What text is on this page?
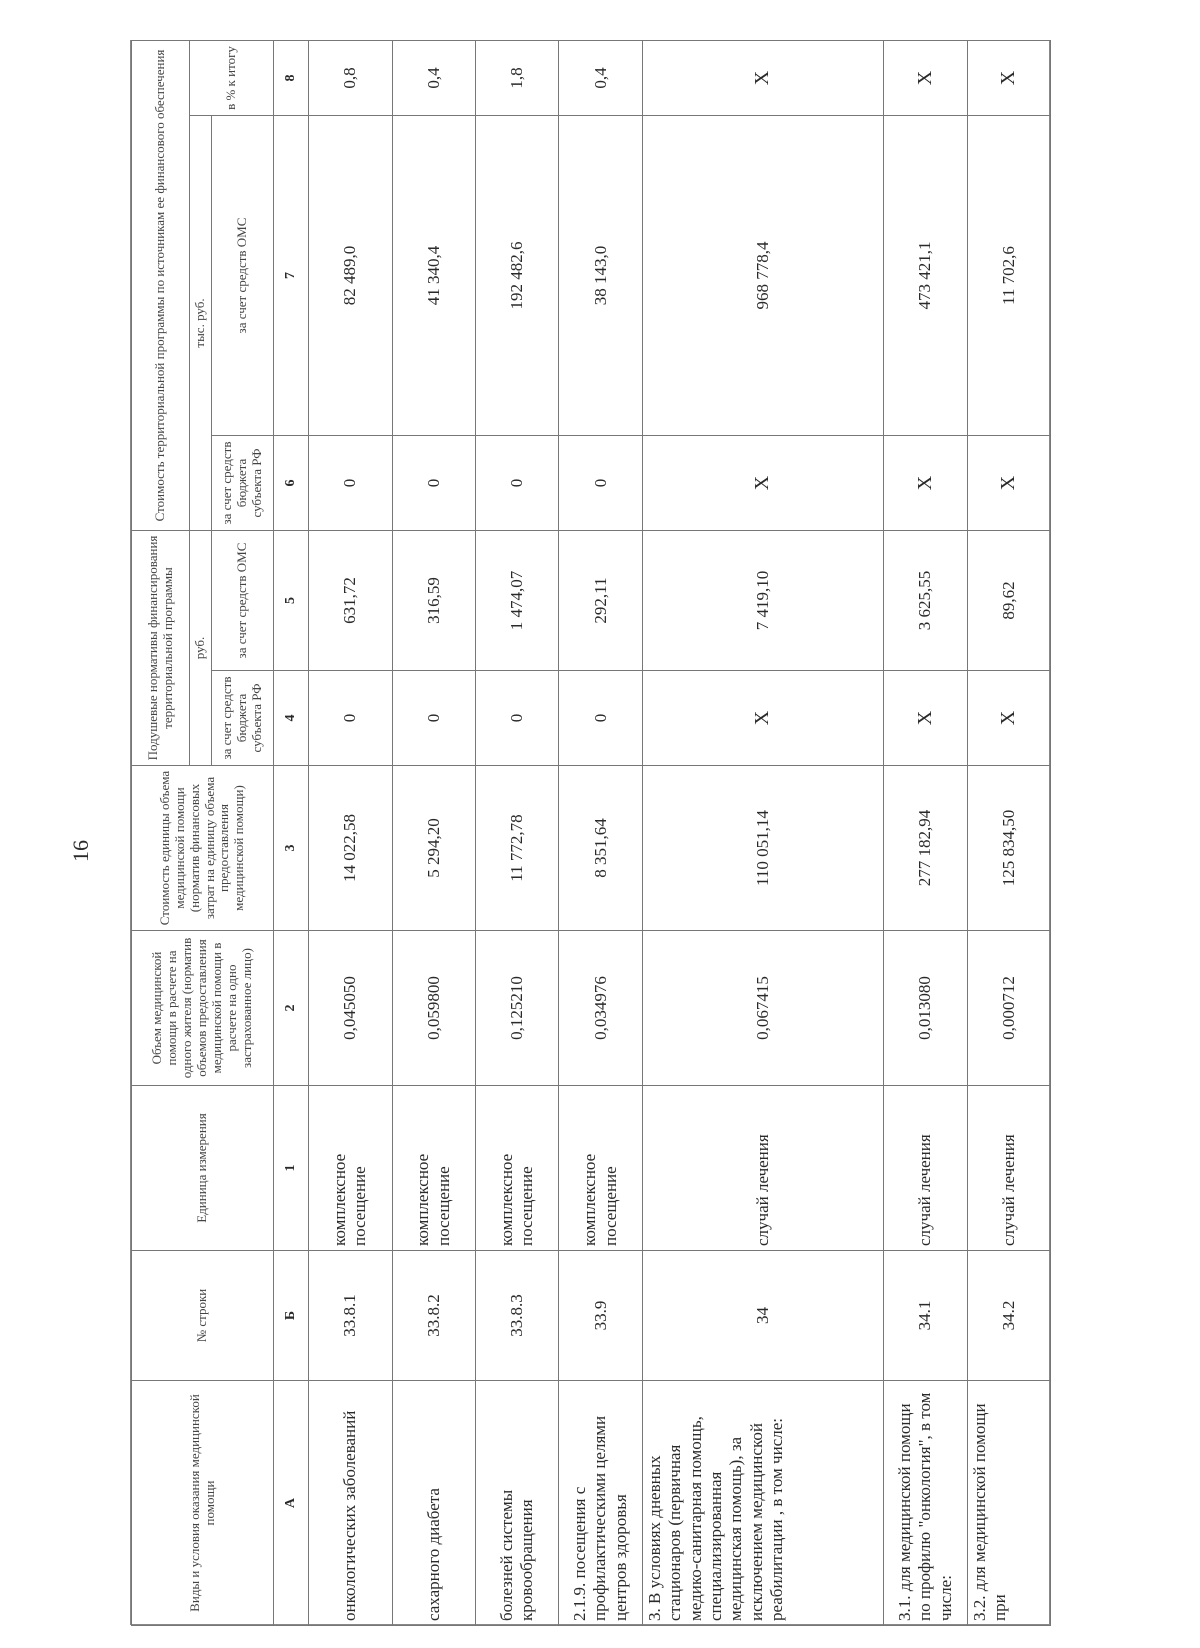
16
Виды и условия оказания медицинской помощи	№ строки	Единица измерения	Объем медицинской помощи в расчете на одного жителя (норматив объемов предоставления медицинской помощи в расчете на одно застрахованное лицо)	Стоимость единицы объема медицинской помощи (норматив финансовых затрат на единицу объема предоставления медицинской помощи)	Подушевые нормативы финансирования территориальной программы		Стоимость территориальной программы по источникам ее финансового обеспечения		
					руб.		тыс. руб.		в % к итогу
					за счет средств бюджета субъекта РФ	за счет средств ОМС	за счет средств бюджета субъекта РФ	за счет средств ОМС	
А	Б	1	2	3	4	5	6	7	8
онкологических заболеваний	33.8.1	комплексное посещение	0,045050	14 022,58	0	631,72	0	82 489,0	0,8
сахарного диабета	33.8.2	комплексное посещение	0,059800	5 294,20	0	316,59	0	41 340,4	0,4
болезней системы кровообращения	33.8.3	комплексное посещение	0,125210	11 772,78	0	1 474,07	0	192 482,6	1,8
2.1.9. посещения с профилактическими целями центров здоровья	33.9	комплексное посещение	0,034976	8 351,64	0	292,11	0	38 143,0	0,4
3. В условиях дневных стационаров (первичная медико-санитарная помощь, специализированная медицинская помощь), за исключением медицинской реабилитации , в том числе:	34	случай лечения	0,067415	110 051,14	X	7 419,10	X	968 778,4	X
3.1. для медицинской помощи по профилю "онкология", в том числе:	34.1	случай лечения	0,013080	277 182,94	X	3 625,55	X	473 421,1	X
3.2. для медицинской помощи при	34.2	случай лечения	0,000712	125 834,50	X	89,62	X	11 702,6	X
